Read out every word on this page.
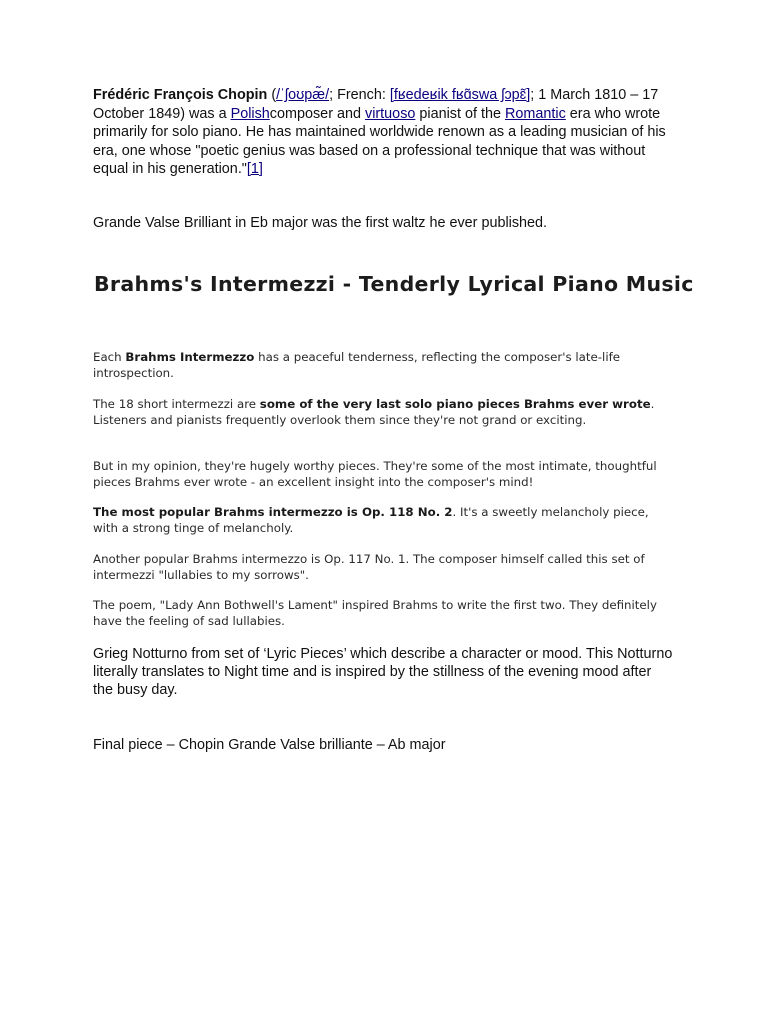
Frédéric François Chopin (/ˈʃoʊpæ̃/; French: [fʁedeʁik fʁɑ̃swa ʃɔpɛ̃]; 1 March 1810 – 17 October 1849) was a Polishcomposer and virtuoso pianist of the Romantic era who wrote primarily for solo piano. He has maintained worldwide renown as a leading musician of his era, one whose "poetic genius was based on a professional technique that was without equal in his generation."[1]

Grande Valse Brilliant in Eb major was the first waltz he ever published.

Brahms's Intermezzi - Tenderly Lyrical Piano Music

Each Brahms Intermezzo has a peaceful tenderness, reflecting the composer's late-life introspection.

The 18 short intermezzi are some of the very last solo piano pieces Brahms ever wrote. Listeners and pianists frequently overlook them since they're not grand or exciting.

But in my opinion, they're hugely worthy pieces. They're some of the most intimate, thoughtful pieces Brahms ever wrote - an excellent insight into the composer's mind!

The most popular Brahms intermezzo is Op. 118 No. 2. It's a sweetly melancholy piece, with a strong tinge of melancholy.

Another popular Brahms intermezzo is Op. 117 No. 1. The composer himself called this set of intermezzi "lullabies to my sorrows".

The poem, "Lady Ann Bothwell's Lament" inspired Brahms to write the first two. They definitely have the feeling of sad lullabies.

Grieg Notturno from set of ‘Lyric Pieces’ which describe a character or mood. This Notturno literally translates to Night time and is inspired by the stillness of the evening mood after the busy day.

Final piece – Chopin Grande Valse brilliante – Ab major
